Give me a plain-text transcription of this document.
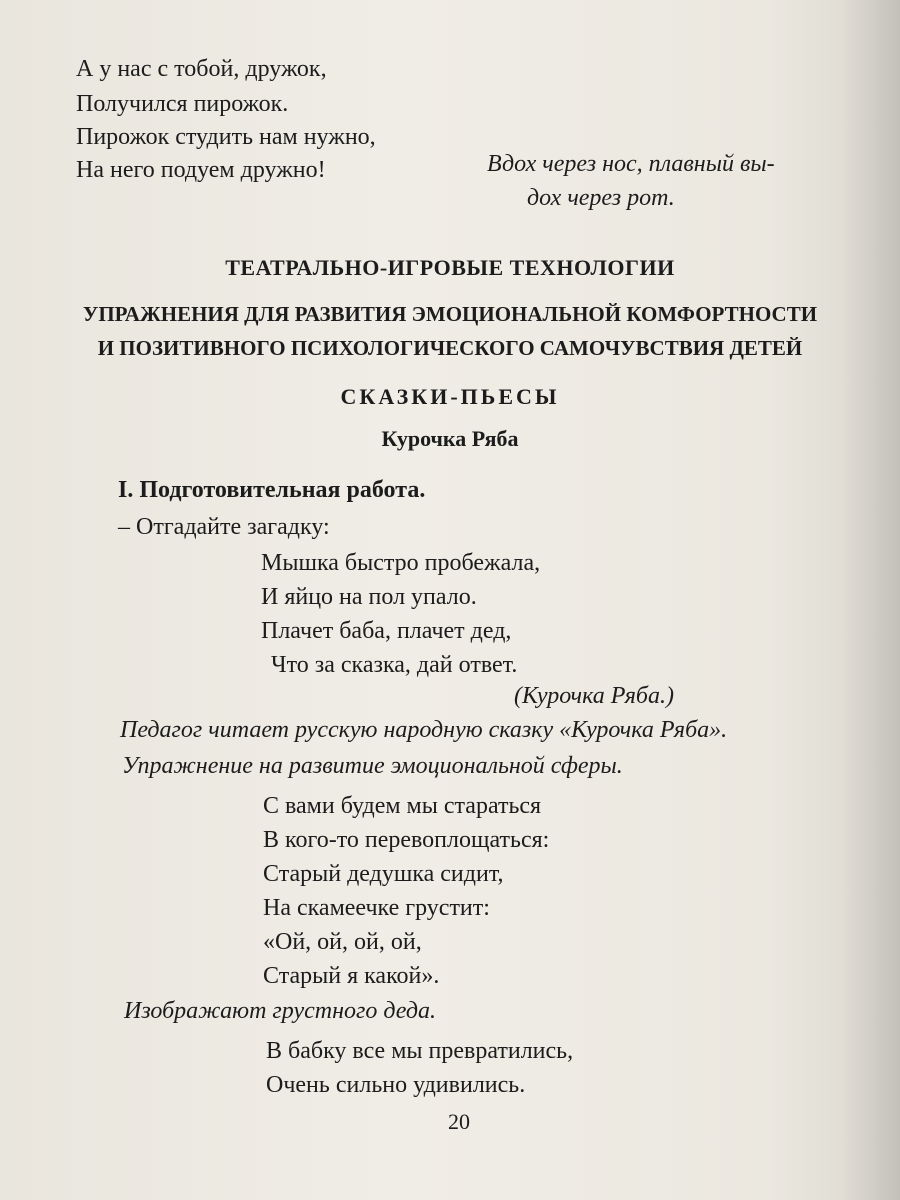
А у нас с тобой, дружок,
Получился пирожок.
Пирожок студить нам нужно,
На него подуем дружно!	Вдох через нос, плавный вы-
дох через рот.
ТЕАТРАЛЬНО-ИГРОВЫЕ ТЕХНОЛОГИИ
УПРАЖНЕНИЯ ДЛЯ РАЗВИТИЯ ЭМОЦИОНАЛЬНОЙ КОМФОРТНОСТИ
И ПОЗИТИВНОГО ПСИХОЛОГИЧЕСКОГО САМОЧУВСТВИЯ ДЕТЕЙ
СКАЗКИ-ПЬЕСЫ
Курочка Ряба
I. Подготовительная работа.
– Отгадайте загадку:
Мышка быстро пробежала,
И яйцо на пол упало.
Плачет баба, плачет дед,
Что за сказка, дай ответ.
(Курочка Ряба.)
Педагог читает русскую народную сказку «Курочка Ряба».
Упражнение на развитие эмоциональной сферы.
С вами будем мы стараться
В кого-то перевоплощаться:
Старый дедушка сидит,
На скамеечке грустит:
«Ой, ой, ой, ой,
Старый я какой».
Изображают грустного деда.
В бабку все мы превратились,
Очень сильно удивились.
20
